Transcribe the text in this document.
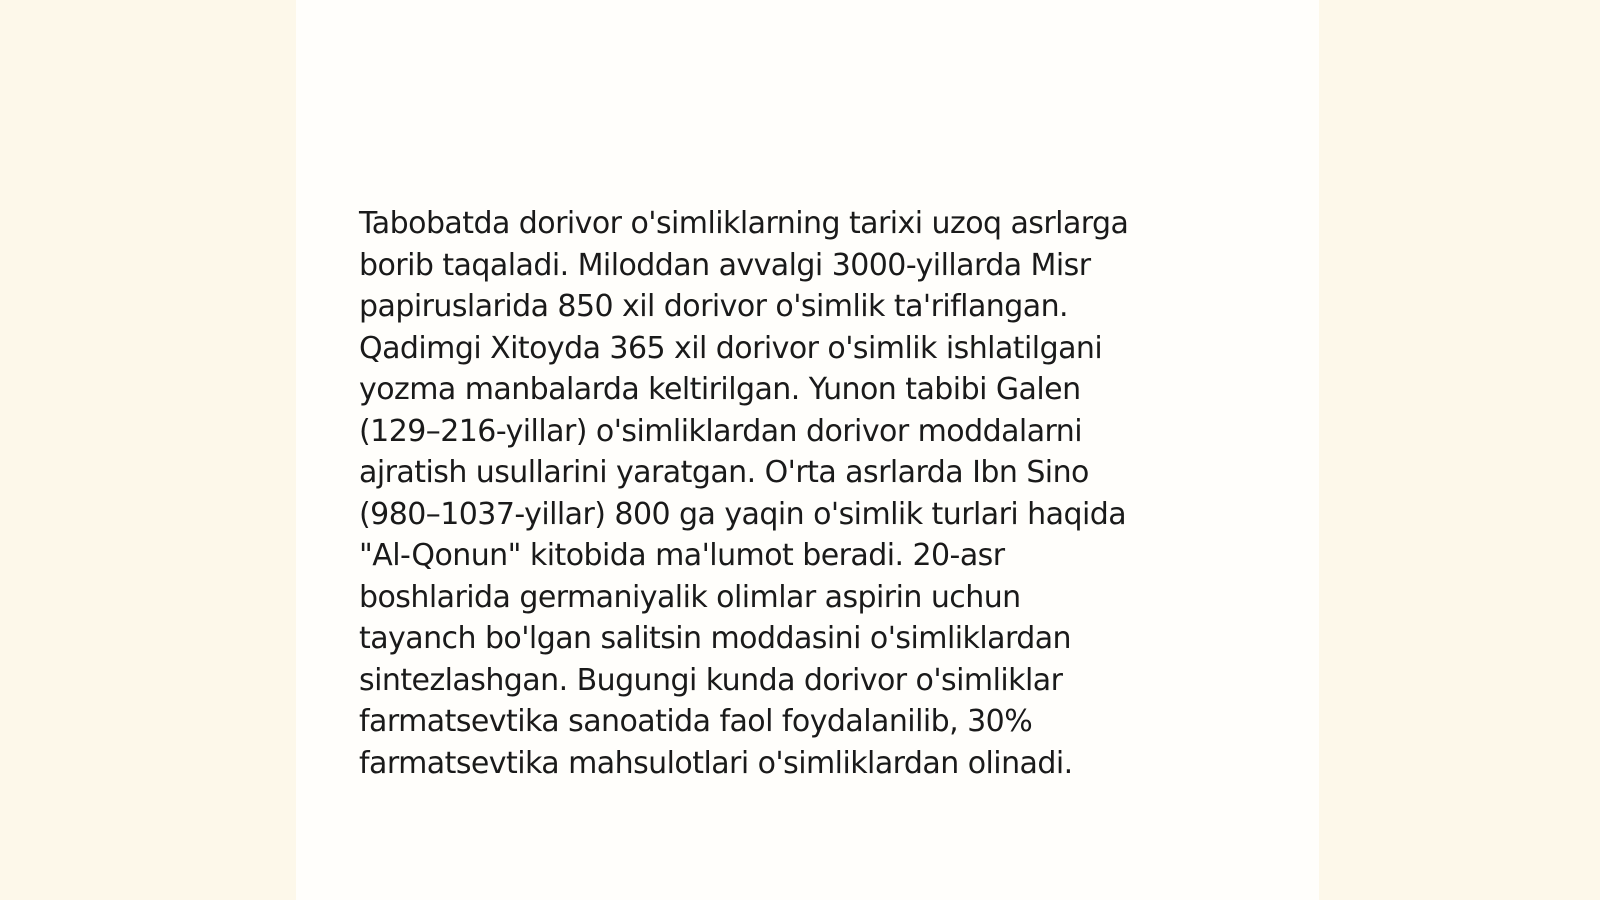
Tabobatda dorivor o'simliklarning tarixi uzoq asrlarga
borib taqaladi. Miloddan avvalgi 3000-yillarda Misr
papiruslarida 850 xil dorivor o'simlik ta'riflangan.
Qadimgi Xitoyda 365 xil dorivor o'simlik ishlatilgani
yozma manbalarda keltirilgan. Yunon tabibi Galen
(129–216-yillar) o'simliklardan dorivor moddalarni
ajratish usullarini yaratgan. O'rta asrlarda Ibn Sino
(980–1037-yillar) 800 ga yaqin o'simlik turlari haqida
"Al-Qonun" kitobida ma'lumot beradi. 20-asr
boshlarida germaniyalik olimlar aspirin uchun
tayanch bo'lgan salitsin moddasini o'simliklardan
sintezlashgan. Bugungi kunda dorivor o'simliklar
farmatsevtika sanoatida faol foydalanilib, 30%
farmatsevtika mahsulotlari o'simliklardan olinadi.
